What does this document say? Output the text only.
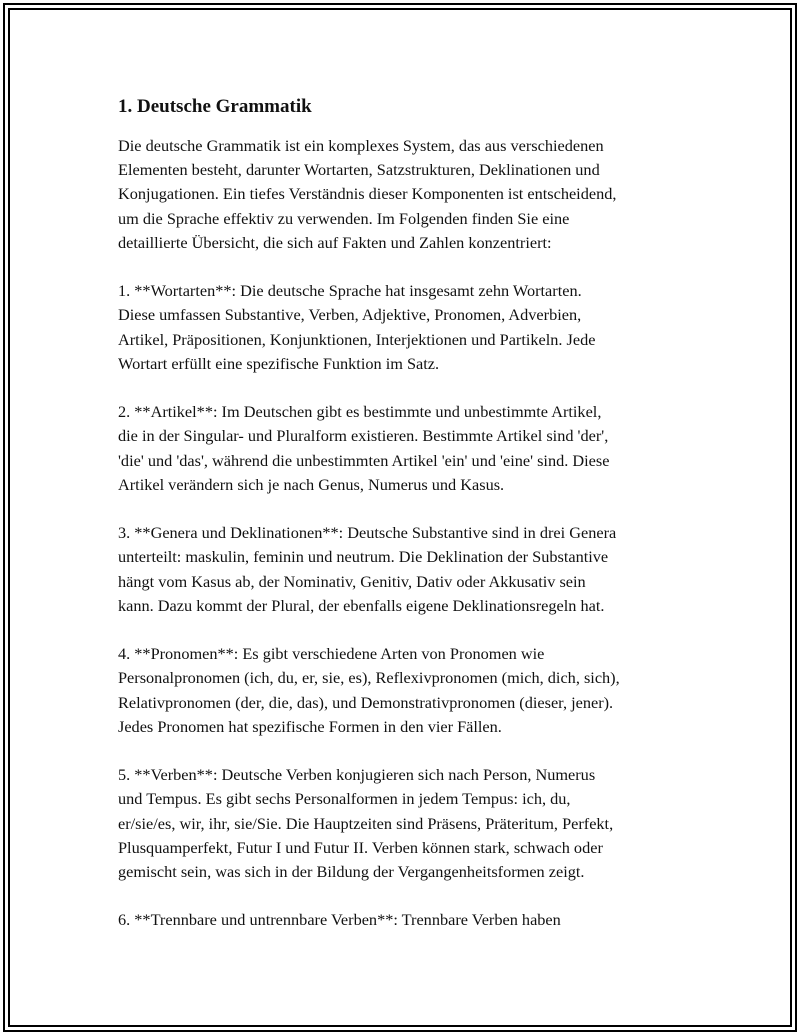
1. Deutsche Grammatik

Die deutsche Grammatik ist ein komplexes System, das aus verschiedenen
Elementen besteht, darunter Wortarten, Satzstrukturen, Deklinationen und
Konjugationen. Ein tiefes Verständnis dieser Komponenten ist entscheidend,
um die Sprache effektiv zu verwenden. Im Folgenden finden Sie eine
detaillierte Übersicht, die sich auf Fakten und Zahlen konzentriert:

1. **Wortarten**: Die deutsche Sprache hat insgesamt zehn Wortarten.
Diese umfassen Substantive, Verben, Adjektive, Pronomen, Adverbien,
Artikel, Präpositionen, Konjunktionen, Interjektionen und Partikeln. Jede
Wortart erfüllt eine spezifische Funktion im Satz.

2. **Artikel**: Im Deutschen gibt es bestimmte und unbestimmte Artikel,
die in der Singular- und Pluralform existieren. Bestimmte Artikel sind 'der',
'die' und 'das', während die unbestimmten Artikel 'ein' und 'eine' sind. Diese
Artikel verändern sich je nach Genus, Numerus und Kasus.

3. **Genera und Deklinationen**: Deutsche Substantive sind in drei Genera
unterteilt: maskulin, feminin und neutrum. Die Deklination der Substantive
hängt vom Kasus ab, der Nominativ, Genitiv, Dativ oder Akkusativ sein
kann. Dazu kommt der Plural, der ebenfalls eigene Deklinationsregeln hat.

4. **Pronomen**: Es gibt verschiedene Arten von Pronomen wie
Personalpronomen (ich, du, er, sie, es), Reflexivpronomen (mich, dich, sich),
Relativpronomen (der, die, das), und Demonstrativpronomen (dieser, jener).
Jedes Pronomen hat spezifische Formen in den vier Fällen.

5. **Verben**: Deutsche Verben konjugieren sich nach Person, Numerus
und Tempus. Es gibt sechs Personalformen in jedem Tempus: ich, du,
er/sie/es, wir, ihr, sie/Sie. Die Hauptzeiten sind Präsens, Präteritum, Perfekt,
Plusquamperfekt, Futur I und Futur II. Verben können stark, schwach oder
gemischt sein, was sich in der Bildung der Vergangenheitsformen zeigt.

6. **Trennbare und untrennbare Verben**: Trennbare Verben haben
